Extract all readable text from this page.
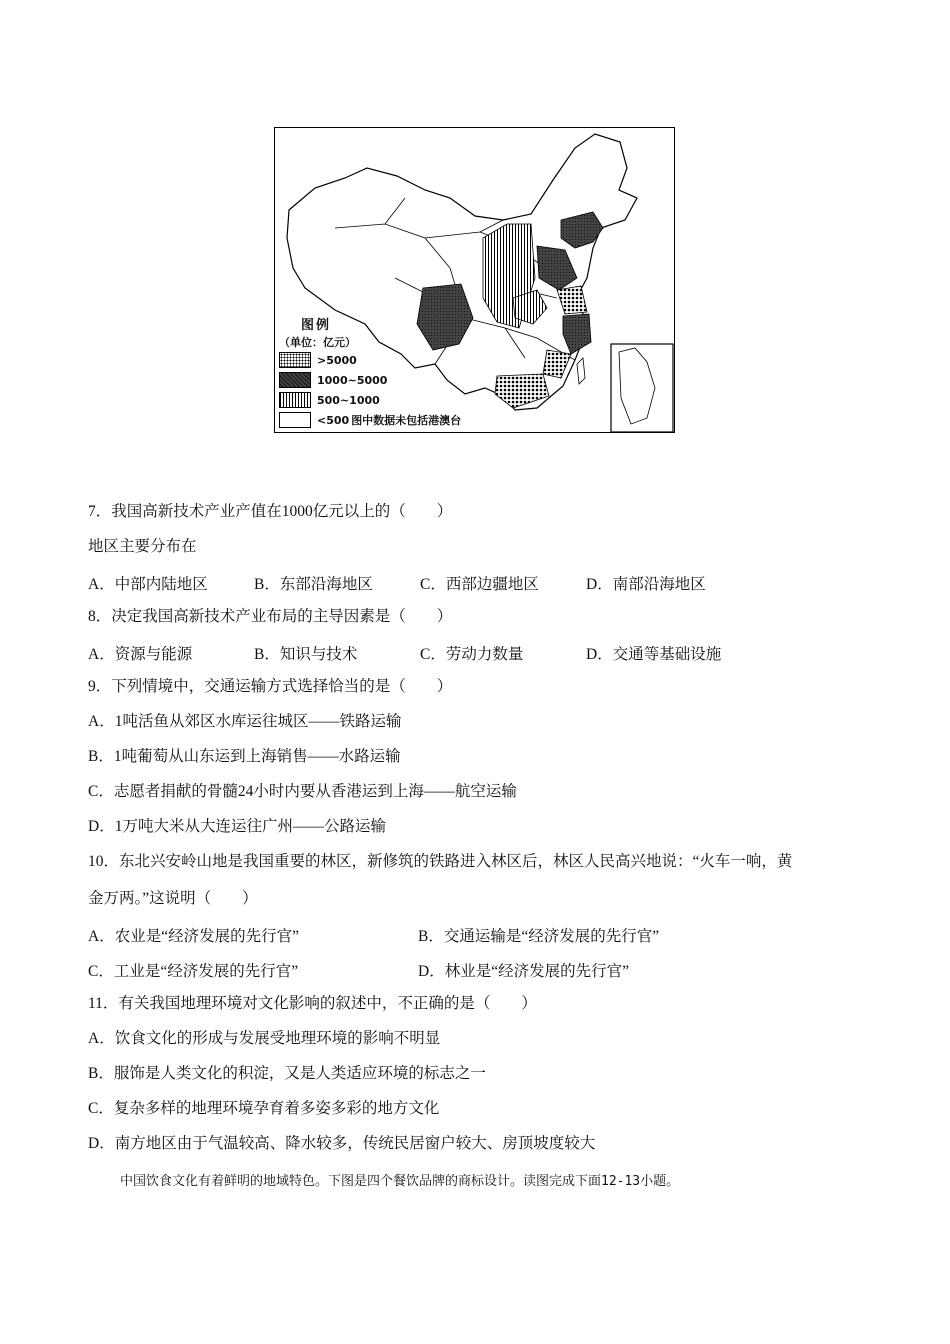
图例
（单位：亿元）
>5000
1000~5000
500~1000
<500 图中数据未包括港澳台
7．我国高新技术产业产值在1000亿元以上的（　　）
地区主要分布在
A．中部内陆地区	B．东部沿海地区	C．西部边疆地区	D．南部沿海地区
8．决定我国高新技术产业布局的主导因素是（　　）
A．资源与能源	B．知识与技术	C．劳动力数量	D．交通等基础设施
9．下列情境中，交通运输方式选择恰当的是（　　）
A．1吨活鱼从郊区水库运往城区——铁路运输
B．1吨葡萄从山东运到上海销售——水路运输
C．志愿者捐献的骨髓24小时内要从香港运到上海——航空运输
D．1万吨大米从大连运往广州——公路运输
10．东北兴安岭山地是我国重要的林区，新修筑的铁路进入林区后，林区人民高兴地说：“火车一响，黄
金万两。”这说明（　　）
A．农业是“经济发展的先行官”	B．交通运输是“经济发展的先行官”
C．工业是“经济发展的先行官”	D．林业是“经济发展的先行官”
11．有关我国地理环境对文化影响的叙述中，不正确的是（　　）
A．饮食文化的形成与发展受地理环境的影响不明显
B．服饰是人类文化的积淀，又是人类适应环境的标志之一
C．复杂多样的地理环境孕育着多姿多彩的地方文化
D．南方地区由于气温较高、降水较多，传统民居窗户较大、房顶坡度较大
中国饮食文化有着鲜明的地域特色。下图是四个餐饮品牌的商标设计。读图完成下面12-13小题。
